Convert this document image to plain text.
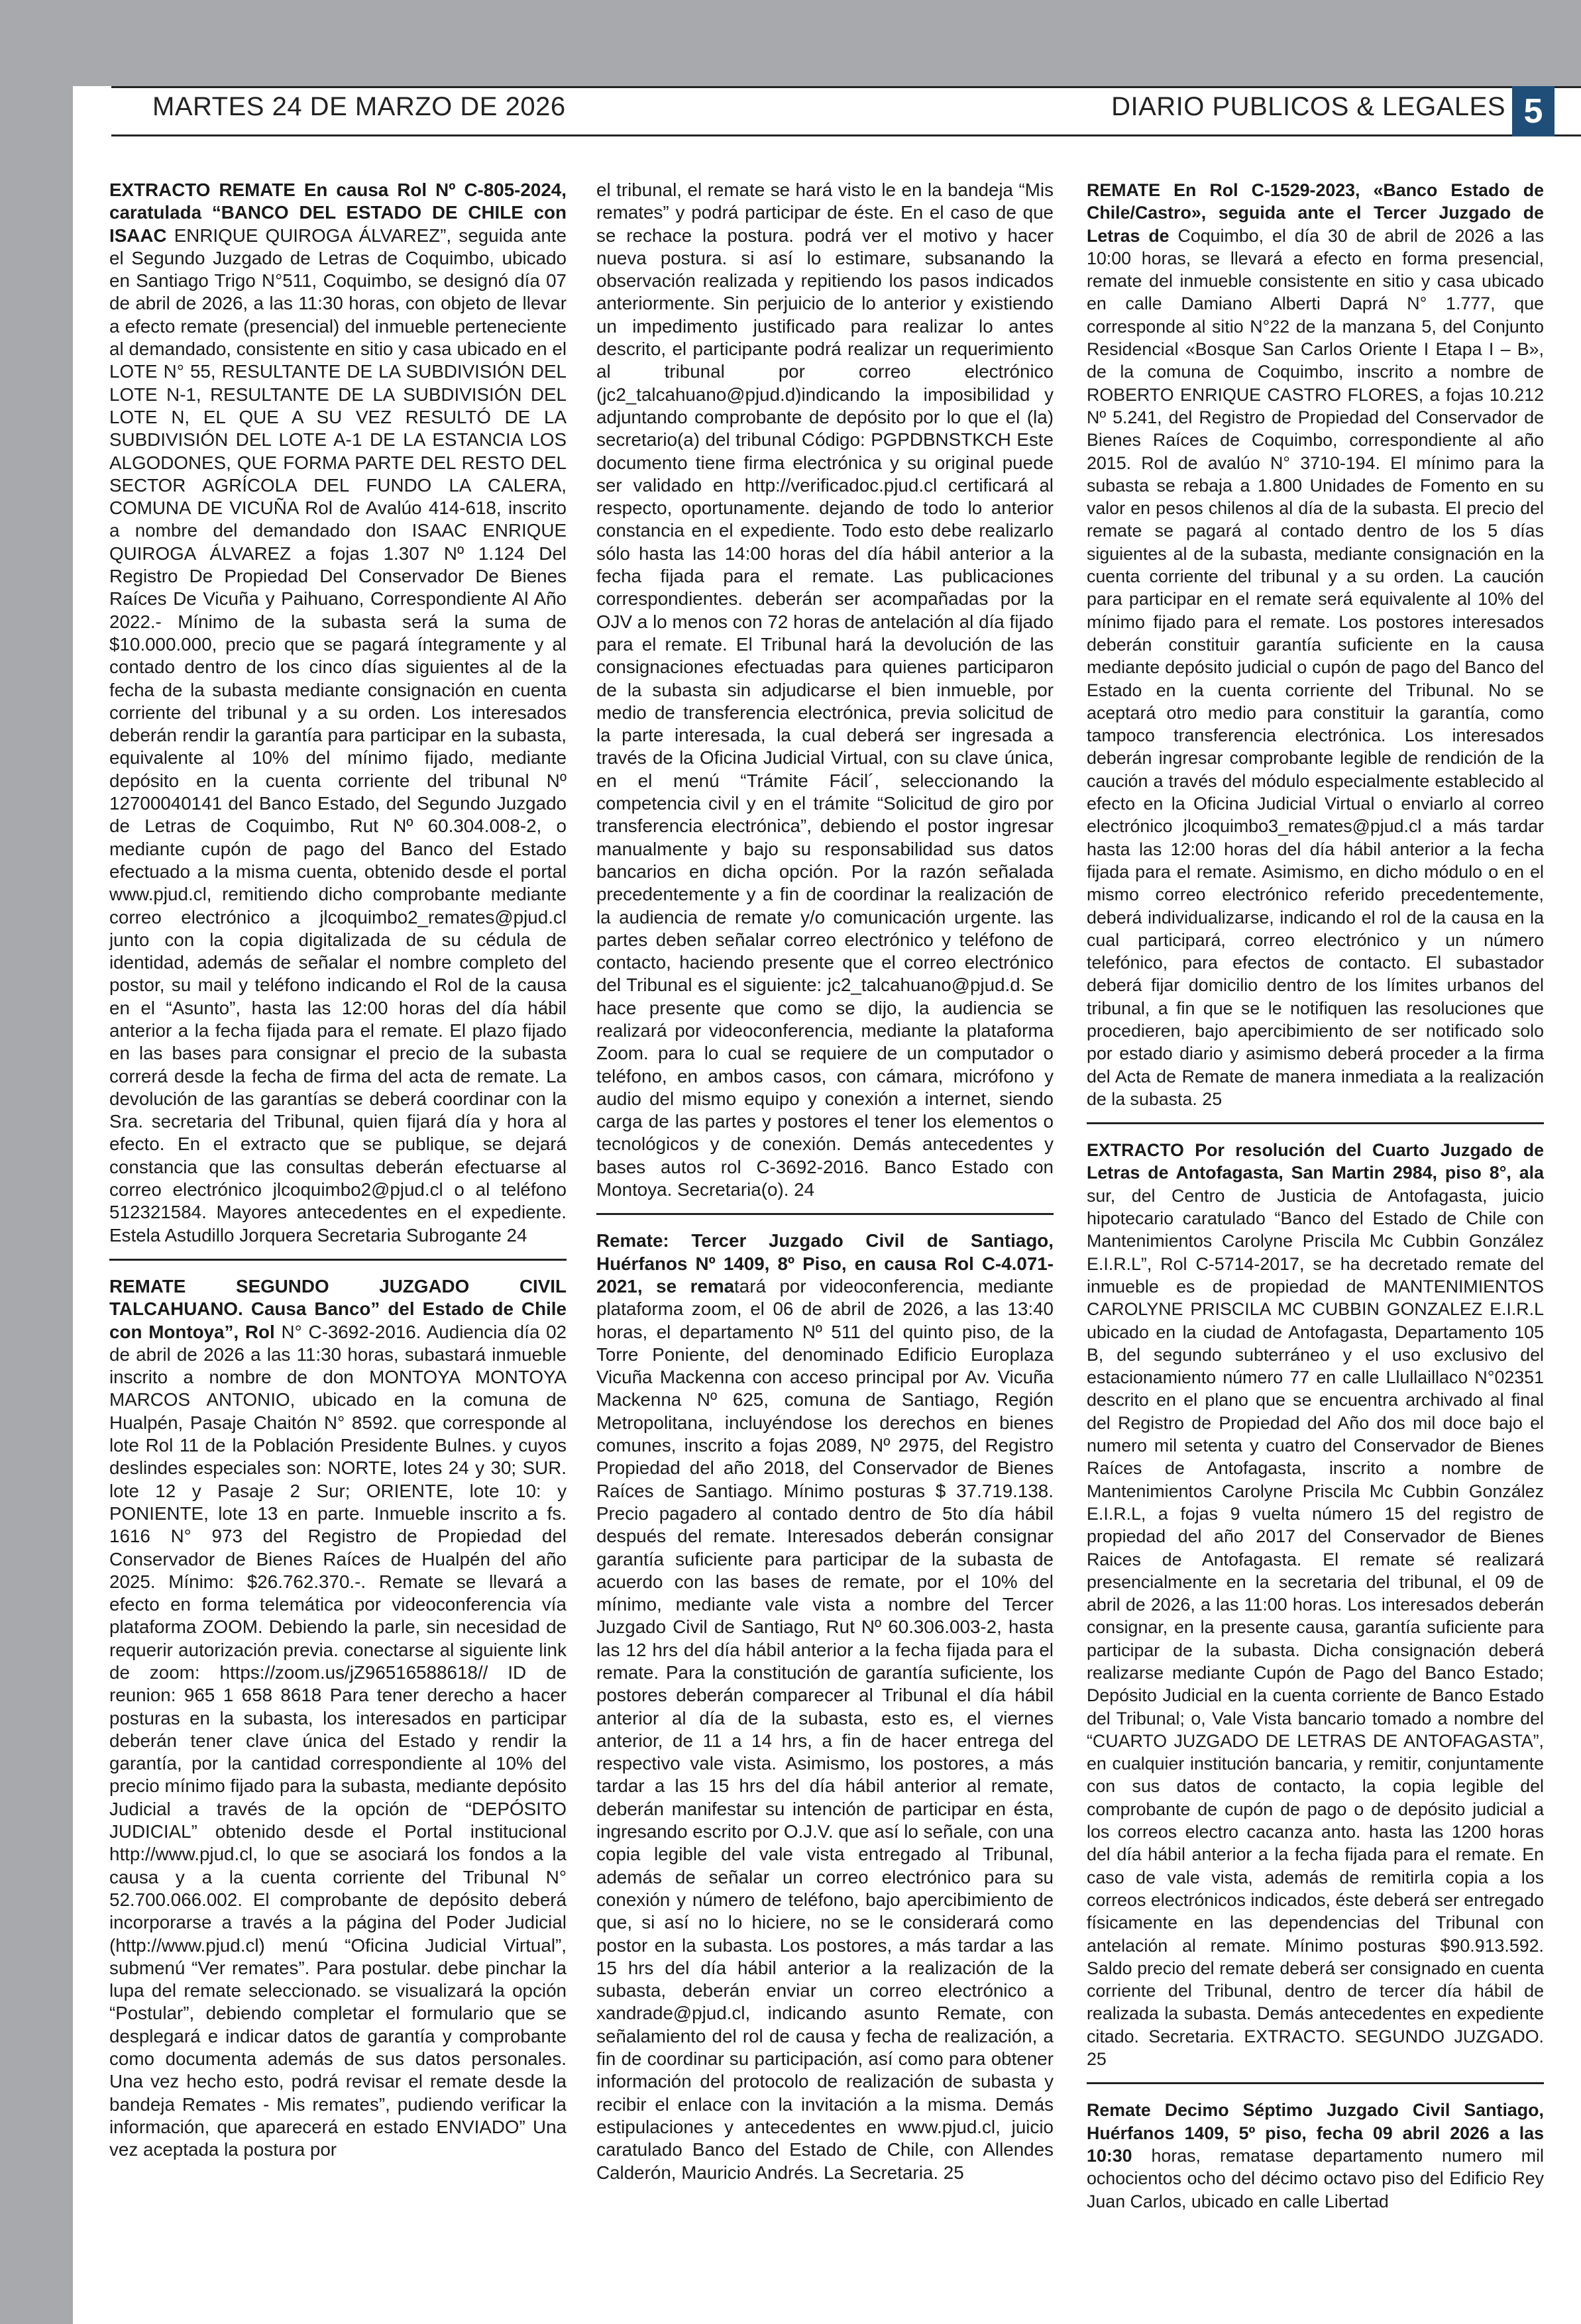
MARTES 24 DE MARZO DE 2026	DIARIO PUBLICOS & LEGALES 5

EXTRACTO REMATE En causa Rol Nº C-805-2024, caratulada “BANCO DEL ESTADO DE CHILE con ISAAC ENRIQUE QUIROGA ÁLVAREZ”, seguida ante el Segundo Juzgado de Letras de Coquimbo, ubicado en Santiago Trigo N°511, Coquimbo, se designó día 07 de abril de 2026, a las 11:30 horas, con objeto de llevar a efecto remate (presencial) del inmueble perteneciente al demandado, consistente en sitio y casa ubicado en el LOTE N° 55, RESULTANTE DE LA SUBDIVISIÓN DEL LOTE N-1, RESULTANTE DE LA SUBDIVISIÓN DEL LOTE N, EL QUE A SU VEZ RESULTÓ DE LA SUBDIVISIÓN DEL LOTE A-1 DE LA ESTANCIA LOS ALGODONES, QUE FORMA PARTE DEL RESTO DEL SECTOR AGRÍCOLA DEL FUNDO LA CALERA, COMUNA DE VICUÑA Rol de Avalúo 414-618, inscrito a nombre del demandado don ISAAC ENRIQUE QUIROGA ÁLVAREZ a fojas 1.307 Nº 1.124 Del Registro De Propiedad Del Conservador De Bienes Raíces De Vicuña y Paihuano, Correspondiente Al Año 2022.- Mínimo de la subasta será la suma de $10.000.000, precio que se pagará íntegramente y al contado dentro de los cinco días siguientes al de la fecha de la subasta mediante consignación en cuenta corriente del tribunal y a su orden. Los interesados deberán rendir la garantía para participar en la subasta, equivalente al 10% del mínimo fijado, mediante depósito en la cuenta corriente del tribunal Nº 12700040141 del Banco Estado, del Segundo Juzgado de Letras de Coquimbo, Rut Nº 60.304.008-2, o mediante cupón de pago del Banco del Estado efectuado a la misma cuenta, obtenido desde el portal www.pjud.cl, remitiendo dicho comprobante mediante correo electrónico a jlcoquimbo2_remates@pjud.cl junto con la copia digitalizada de su cédula de identidad, además de señalar el nombre completo del postor, su mail y teléfono indicando el Rol de la causa en el “Asunto”, hasta las 12:00 horas del día hábil anterior a la fecha fijada para el remate. El plazo fijado en las bases para consignar el precio de la subasta correrá desde la fecha de firma del acta de remate. La devolución de las garantías se deberá coordinar con la Sra. secretaria del Tribunal, quien fijará día y hora al efecto. En el extracto que se publique, se dejará constancia que las consultas deberán efectuarse al correo electrónico jlcoquimbo2@pjud.cl o al teléfono 512321584. Mayores antecedentes en el expediente. Estela Astudillo Jorquera Secretaria Subrogante 24

REMATE SEGUNDO JUZGADO CIVIL TALCAHUANO. Causa Banco” del Estado de Chile con Montoya”, Rol N° C-3692-2016. Audiencia día 02 de abril de 2026 a las 11:30 horas, subastará inmueble inscrito a nombre de don MONTOYA MONTOYA MARCOS ANTONIO, ubicado en la comuna de Hualpén, Pasaje Chaitón N° 8592. que corresponde al lote Rol 11 de la Población Presidente Bulnes. y cuyos deslindes especiales son: NORTE, lotes 24 y 30; SUR. lote 12 y Pasaje 2 Sur; ORIENTE, lote 10: y PONIENTE, lote 13 en parte. Inmueble inscrito a fs. 1616 N° 973 del Registro de Propiedad del Conservador de Bienes Raíces de Hualpén del año 2025. Mínimo: $26.762.370.-. Remate se llevará a efecto en forma telemática por videoconferencia vía plataforma ZOOM. Debiendo la parle, sin necesidad de requerir autorización previa. conectarse al siguiente link de zoom: https://zoom.us/jZ96516588618// ID de reunion: 965 1 658 8618 Para tener derecho a hacer posturas en la subasta, los interesados en participar deberán tener clave única del Estado y rendir la garantía, por la cantidad correspondiente al 10% del precio mínimo fijado para la subasta, mediante depósito Judicial a través de la opción de “DEPÓSITO JUDICIAL” obtenido desde el Portal institucional http://www.pjud.cl, lo que se asociará los fondos a la causa y a la cuenta corriente del Tribunal N° 52.700.066.002. El comprobante de depósito deberá incorporarse a través a la página del Poder Judicial (http://www.pjud.cl) menú “Oficina Judicial Virtual”, submenú “Ver remates”. Para postular. debe pinchar la lupa del remate seleccionado. se visualizará la opción “Postular”, debiendo completar el formulario que se desplegará e indicar datos de garantía y comprobante como documenta además de sus datos personales. Una vez hecho esto, podrá revisar el remate desde la bandeja Remates - Mis remates”, pudiendo verificar la información, que aparecerá en estado ENVIADO” Una vez aceptada la postura por

el tribunal, el remate se hará visto le en la bandeja “Mis remates” y podrá participar de éste. En el caso de que se rechace la postura. podrá ver el motivo y hacer nueva postura. si así lo estimare, subsanando la observación realizada y repitiendo los pasos indicados anteriormente. Sin perjuicio de lo anterior y existiendo un impedimento justificado para realizar lo antes descrito, el participante podrá realizar un requerimiento al tribunal por correo electrónico (jc2_talcahuano@pjud.d)indicando la imposibilidad y adjuntando comprobante de depósito por lo que el (la) secretario(a) del tribunal Código: PGPDBNSTKCH Este documento tiene firma electrónica y su original puede ser validado en http://verificadoc.pjud.cl certificará al respecto, oportunamente. dejando de todo lo anterior constancia en el expediente. Todo esto debe realizarlo sólo hasta las 14:00 horas del día hábil anterior a la fecha fijada para el remate. Las publicaciones correspondientes. deberán ser acompañadas por la OJV a lo menos con 72 horas de antelación al día fijado para el remate. El Tribunal hará la devolución de las consignaciones efectuadas para quienes participaron de la subasta sin adjudicarse el bien inmueble, por medio de transferencia electrónica, previa solicitud de la parte interesada, la cual deberá ser ingresada a través de la Oficina Judicial Virtual, con su clave única, en el menú “Trámite Fácil´, seleccionando la competencia civil y en el trámite “Solicitud de giro por transferencia electrónica”, debiendo el postor ingresar manualmente y bajo su responsabilidad sus datos bancarios en dicha opción. Por la razón señalada precedentemente y a fin de coordinar la realización de la audiencia de remate y/o comunicación urgente. las partes deben señalar correo electrónico y teléfono de contacto, haciendo presente que el correo electrónico del Tribunal es el siguiente: jc2_talcahuano@pjud.d. Se hace presente que como se dijo, la audiencia se realizará por videoconferencia, mediante la plataforma Zoom. para lo cual se requiere de un computador o teléfono, en ambos casos, con cámara, micrófono y audio del mismo equipo y conexión a internet, siendo carga de las partes y postores el tener los elementos o tecnológicos y de conexión. Demás antecedentes y bases autos rol C-3692-2016. Banco Estado con Montoya. Secretaria(o). 24

Remate: Tercer Juzgado Civil de Santiago, Huérfanos Nº 1409, 8º Piso, en causa Rol C-4.071-2021, se rematará por videoconferencia, mediante plataforma zoom, el 06 de abril de 2026, a las 13:40 horas, el departamento Nº 511 del quinto piso, de la Torre Poniente, del denominado Edificio Europlaza Vicuña Mackenna con acceso principal por Av. Vicuña Mackenna Nº 625, comuna de Santiago, Región Metropolitana, incluyéndose los derechos en bienes comunes, inscrito a fojas 2089, Nº 2975, del Registro Propiedad del año 2018, del Conservador de Bienes Raíces de Santiago. Mínimo posturas $ 37.719.138. Precio pagadero al contado dentro de 5to día hábil después del remate. Interesados deberán consignar garantía suficiente para participar de la subasta de acuerdo con las bases de remate, por el 10% del mínimo, mediante vale vista a nombre del Tercer Juzgado Civil de Santiago, Rut Nº 60.306.003-2, hasta las 12 hrs del día hábil anterior a la fecha fijada para el remate. Para la constitución de garantía suficiente, los postores deberán comparecer al Tribunal el día hábil anterior al día de la subasta, esto es, el viernes anterior, de 11 a 14 hrs, a fin de hacer entrega del respectivo vale vista. Asimismo, los postores, a más tardar a las 15 hrs del día hábil anterior al remate, deberán manifestar su intención de participar en ésta, ingresando escrito por O.J.V. que así lo señale, con una copia legible del vale vista entregado al Tribunal, además de señalar un correo electrónico para su conexión y número de teléfono, bajo apercibimiento de que, si así no lo hiciere, no se le considerará como postor en la subasta. Los postores, a más tardar a las 15 hrs del día hábil anterior a la realización de la subasta, deberán enviar un correo electrónico a xandrade@pjud.cl, indicando asunto Remate, con señalamiento del rol de causa y fecha de realización, a fin de coordinar su participación, así como para obtener información del protocolo de realización de subasta y recibir el enlace con la invitación a la misma. Demás estipulaciones y antecedentes en www.pjud.cl, juicio caratulado Banco del Estado de Chile, con Allendes Calderón, Mauricio Andrés. La Secretaria. 25

REMATE En Rol C-1529-2023, «Banco Estado de Chile/Castro», seguida ante el Tercer Juzgado de Letras de Coquimbo, el día 30 de abril de 2026 a las 10:00 horas, se llevará a efecto en forma presencial, remate del inmueble consistente en sitio y casa ubicado en calle Damiano Alberti Daprá N° 1.777, que corresponde al sitio N°22 de la manzana 5, del Conjunto Residencial «Bosque San Carlos Oriente I Etapa I – B», de la comuna de Coquimbo, inscrito a nombre de ROBERTO ENRIQUE CASTRO FLORES, a fojas 10.212 Nº 5.241, del Registro de Propiedad del Conservador de Bienes Raíces de Coquimbo, correspondiente al año 2015. Rol de avalúo N° 3710-194. El mínimo para la subasta se rebaja a 1.800 Unidades de Fomento en su valor en pesos chilenos al día de la subasta. El precio del remate se pagará al contado dentro de los 5 días siguientes al de la subasta, mediante consignación en la cuenta corriente del tribunal y a su orden. La caución para participar en el remate será equivalente al 10% del mínimo fijado para el remate. Los postores interesados deberán constituir garantía suficiente en la causa mediante depósito judicial o cupón de pago del Banco del Estado en la cuenta corriente del Tribunal. No se aceptará otro medio para constituir la garantía, como tampoco transferencia electrónica. Los interesados deberán ingresar comprobante legible de rendición de la caución a través del módulo especialmente establecido al efecto en la Oficina Judicial Virtual o enviarlo al correo electrónico jlcoquimbo3_remates@pjud.cl a más tardar hasta las 12:00 horas del día hábil anterior a la fecha fijada para el remate. Asimismo, en dicho módulo o en el mismo correo electrónico referido precedentemente, deberá individualizarse, indicando el rol de la causa en la cual participará, correo electrónico y un número telefónico, para efectos de contacto. El subastador deberá fijar domicilio dentro de los límites urbanos del tribunal, a fin que se le notifiquen las resoluciones que procedieren, bajo apercibimiento de ser notificado solo por estado diario y asimismo deberá proceder a la firma del Acta de Remate de manera inmediata a la realización de la subasta. 25

EXTRACTO Por resolución del Cuarto Juzgado de Letras de Antofagasta, San Martin 2984, piso 8°, ala sur, del Centro de Justicia de Antofagasta, juicio hipotecario caratulado “Banco del Estado de Chile con Mantenimientos Carolyne Priscila Mc Cubbin González E.I.R.L”, Rol C-5714-2017, se ha decretado remate del inmueble es de propiedad de MANTENIMIENTOS CAROLYNE PRISCILA MC CUBBIN GONZALEZ E.I.R.L ubicado en la ciudad de Antofagasta, Departamento 105 B, del segundo subterráneo y el uso exclusivo del estacionamiento número 77 en calle Llullaillaco N°02351 descrito en el plano que se encuentra archivado al final del Registro de Propiedad del Año dos mil doce bajo el numero mil setenta y cuatro del Conservador de Bienes Raíces de Antofagasta, inscrito a nombre de Mantenimientos Carolyne Priscila Mc Cubbin González E.I.R.L, a fojas 9 vuelta número 15 del registro de propiedad del año 2017 del Conservador de Bienes Raices de Antofagasta. El remate sé realizará presencialmente en la secretaria del tribunal, el 09 de abril de 2026, a las 11:00 horas. Los interesados deberán consignar, en la presente causa, garantía suficiente para participar de la subasta. Dicha consignación deberá realizarse mediante Cupón de Pago del Banco Estado; Depósito Judicial en la cuenta corriente de Banco Estado del Tribunal; o, Vale Vista bancario tomado a nombre del “CUARTO JUZGADO DE LETRAS DE ANTOFAGASTA”, en cualquier institución bancaria, y remitir, conjuntamente con sus datos de contacto, la copia legible del comprobante de cupón de pago o de depósito judicial a los correos electro cacanza anto. hasta las 1200 horas del día hábil anterior a la fecha fijada para el remate. En caso de vale vista, además de remitirla copia a los correos electrónicos indicados, éste deberá ser entregado físicamente en las dependencias del Tribunal con antelación al remate. Mínimo posturas $90.913.592. Saldo precio del remate deberá ser consignado en cuenta corriente del Tribunal, dentro de tercer día hábil de realizada la subasta. Demás antecedentes en expediente citado. Secretaria. EXTRACTO. SEGUNDO JUZGADO. 25

Remate Decimo Séptimo Juzgado Civil Santiago, Huérfanos 1409, 5º piso, fecha 09 abril 2026 a las 10:30 horas, rematase departamento numero mil ochocientos ocho del décimo octavo piso del Edificio Rey Juan Carlos, ubicado en calle Libertad
